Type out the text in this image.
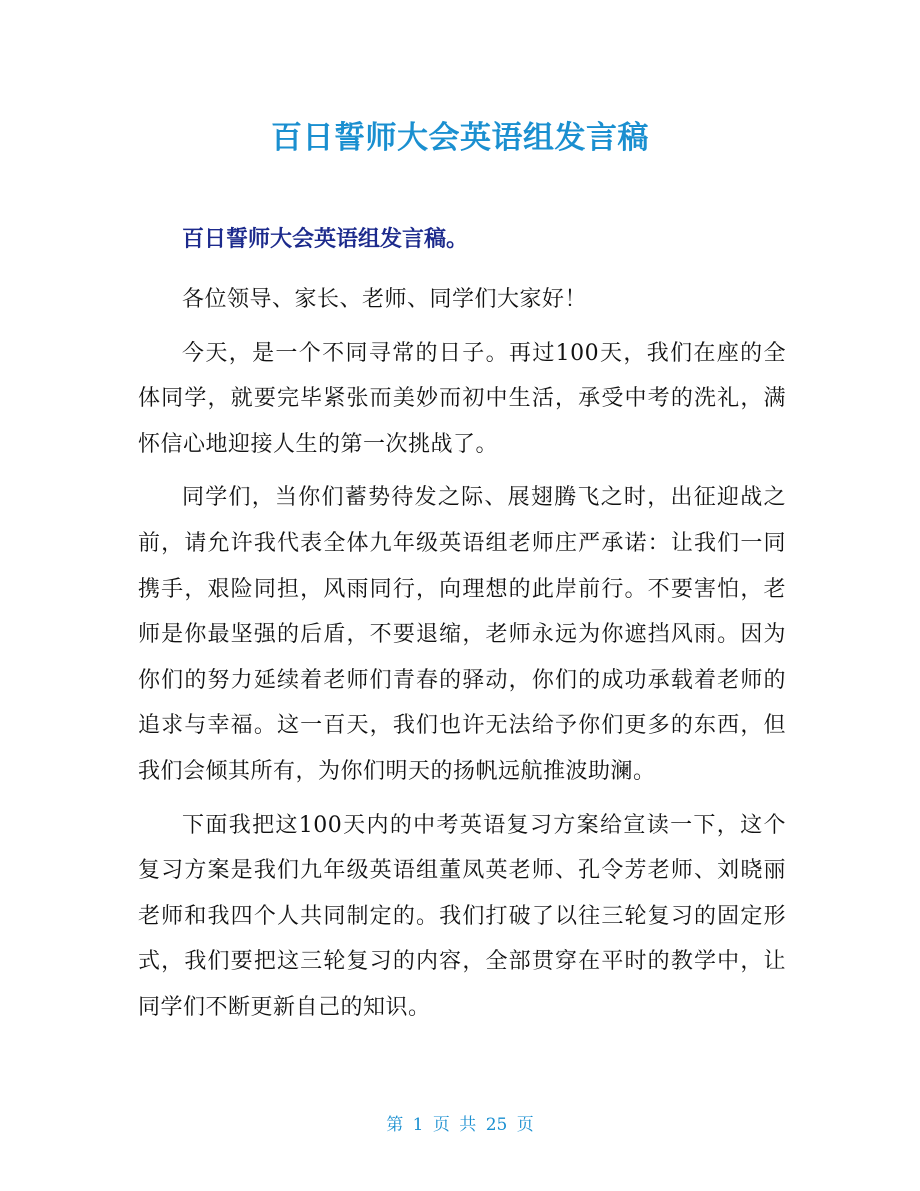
百日誓师大会英语组发言稿
百日誓师大会英语组发言稿。

各位领导、家长、老师、同学们大家好！

今天，是一个不同寻常的日子。再过100天，我们在座的全体同学，就要完毕紧张而美妙而初中生活，承受中考的洗礼，满怀信心地迎接人生的第一次挑战了。

同学们，当你们蓄势待发之际、展翅腾飞之时，出征迎战之前，请允许我代表全体九年级英语组老师庄严承诺：让我们一同携手，艰险同担，风雨同行，向理想的此岸前行。不要害怕，老师是你最坚强的后盾，不要退缩，老师永远为你遮挡风雨。因为你们的努力延续着老师们青春的驿动，你们的成功承载着老师的追求与幸福。这一百天，我们也许无法给予你们更多的东西，但我们会倾其所有，为你们明天的扬帆远航推波助澜。

下面我把这100天内的中考英语复习方案给宣读一下，这个复习方案是我们九年级英语组董凤英老师、孔令芳老师、刘晓丽老师和我四个人共同制定的。我们打破了以往三轮复习的固定形式，我们要把这三轮复习的内容，全部贯穿在平时的教学中，让同学们不断更新自己的知识。

第 1 页 共 25 页
